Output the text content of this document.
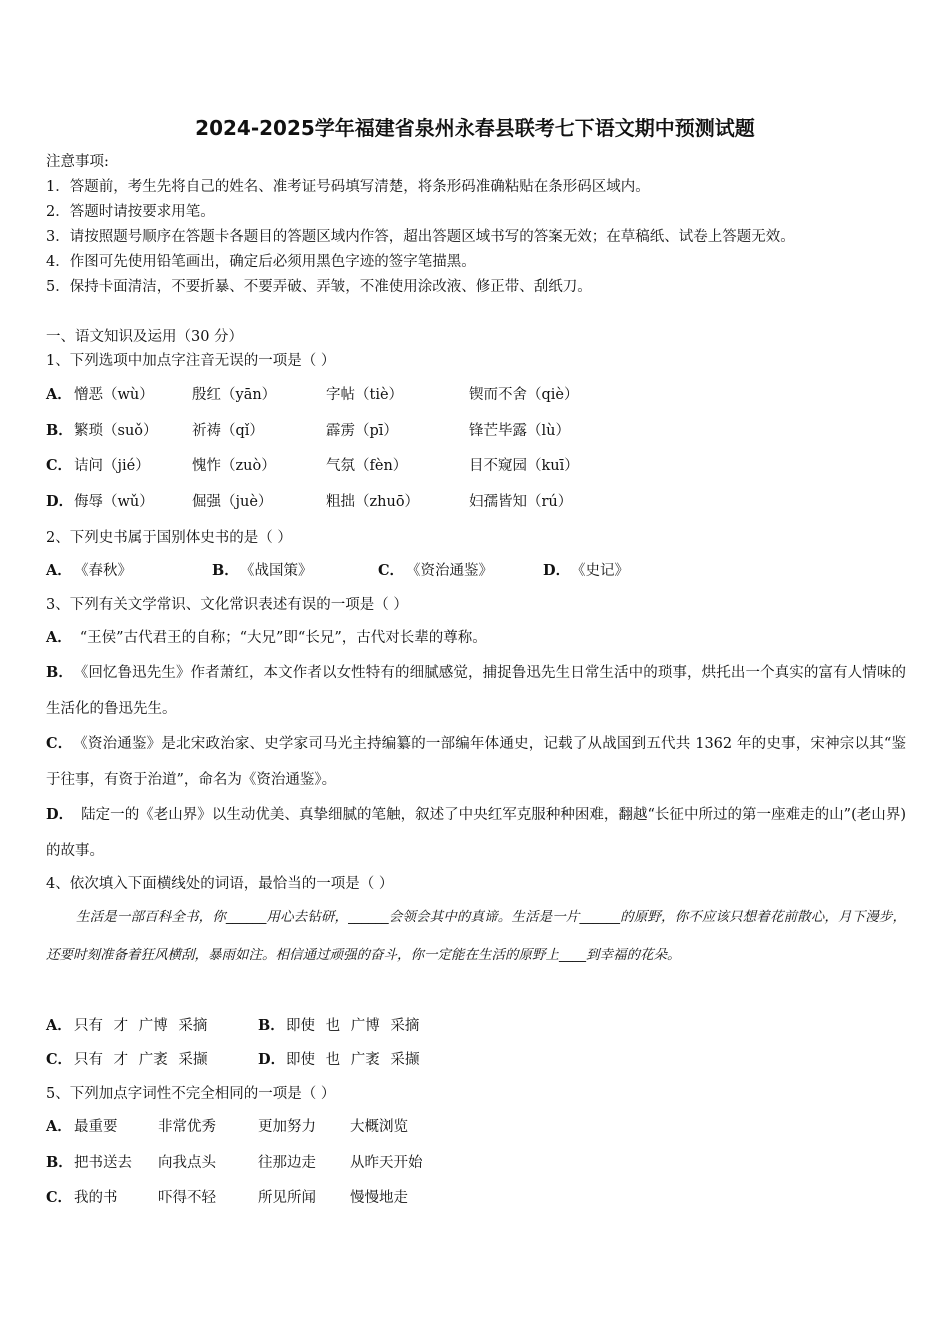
2024-2025学年福建省泉州永春县联考七下语文期中预测试题
注意事项:
1．答题前，考生先将自己的姓名、准考证号码填写清楚，将条形码准确粘贴在条形码区域内。
2．答题时请按要求用笔。
3．请按照题号顺序在答题卡各题目的答题区域内作答，超出答题区域书写的答案无效；在草稿纸、试卷上答题无效。
4．作图可先使用铅笔画出，确定后必须用黑色字迹的签字笔描黑。
5．保持卡面清洁，不要折暴、不要弄破、弄皱，不准使用涂改液、修正带、刮纸刀。
一、语文知识及运用（30 分）
1、下列选项中加点字注音无误的一项是（ ）
A． 憎恶（wù）	殷红（yān）	字帖（tiè）	锲而不舍（qiè）
B． 繁琐（suǒ） 祈祷（qǐ）	霹雳（pī）	锋芒毕露（lù）
C． 诘问（jié）	愧怍（zuò）	气氛（fèn）	目不窥园（kuī）
D． 侮辱（wǔ）	倔强（juè）	粗拙（zhuō）	妇孺皆知（rú）
2、下列史书属于国别体史书的是（ ）
A． 《春秋》	B． 《战国策》	C． 《资治通鉴》	D． 《史记》
3、下列有关文学常识、文化常识表述有误的一项是（ ）
A． “王侯”古代君王的自称；“大兄”即“长兄”，古代对长辈的尊称。
B． 《回忆鲁迅先生》作者萧红，本文作者以女性特有的细腻感觉，捕捉鲁迅先生日常生活中的琐事，烘托出一个真实的富有人情味的生活化的鲁迅先生。
C． 《资治通鉴》是北宋政治家、史学家司马光主持编纂的一部编年体通史，记载了从战国到五代共 1362 年的史事，宋神宗以其“鉴于往事，有资于治道”，命名为《资治通鉴》。
D． 陆定一的《老山界》以生动优美、真挚细腻的笔触，叙述了中央红军克服种种困难，翻越“长征中所过的第一座难走的山”(老山界)的故事。
4、依次填入下面横线处的词语，最恰当的一项是（ ）
生活是一部百科全书，你______用心去钻研，______会领会其中的真谛。生活是一片______的原野，你不应该只想着花前散心，月下漫步，还要时刻准备着狂风横刮，暴雨如注。相信通过顽强的奋斗，你一定能在生活的原野上____到幸福的花朵。
A． 只有 才 广博 采摘	B． 即使 也 广博 采摘
C． 只有 才 广袤 采撷	D． 即使 也 广袤 采撷
5、下列加点字词性不完全相同的一项是（ ）
A． 最重要	非常优秀	更加努力 大概浏览
B． 把书送去 向我点头	往那边走 从昨天开始
C． 我的书	吓得不轻	所见所闻 慢慢地走
